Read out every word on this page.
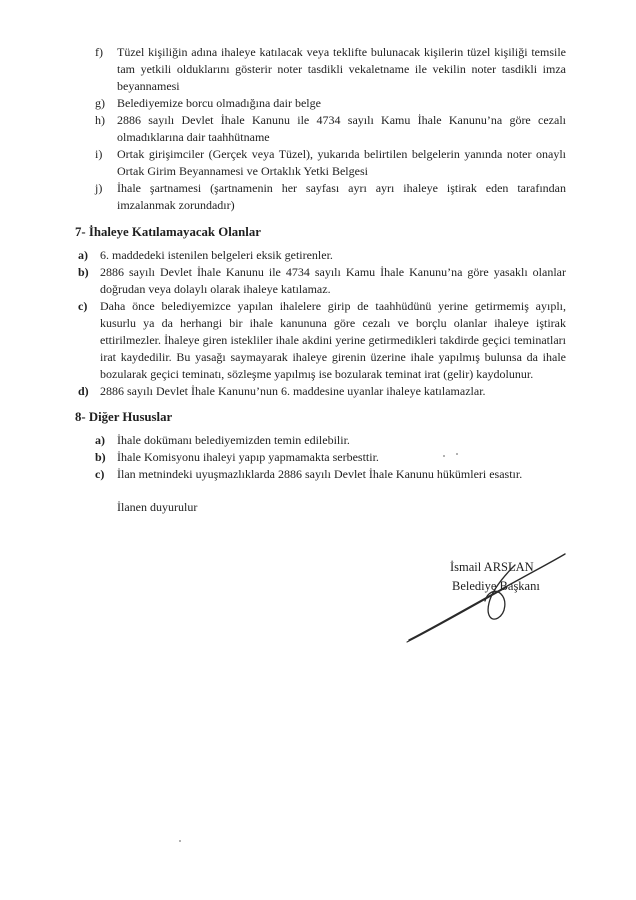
f)	Tüzel kişiliğin adına ihaleye katılacak veya teklifte bulunacak kişilerin tüzel kişiliği temsile tam yetkili olduklarını gösterir noter tasdikli vekaletname ile vekilin noter tasdikli imza beyannamesi
g)	Belediyemize borcu olmadığına dair belge
h)	2886 sayılı Devlet İhale Kanunu ile 4734 sayılı Kamu İhale Kanunu’na göre cezalı olmadıklarına dair taahhütname
i)	Ortak girişimciler (Gerçek veya Tüzel), yukarıda belirtilen belgelerin yanında noter onaylı Ortak Girim Beyannamesi ve Ortaklık Yetki Belgesi
j)	İhale şartnamesi (şartnamenin her sayfası ayrı ayrı ihaleye iştirak eden tarafından imzalanmak zorundadır)
7- İhaleye Katılamayacak Olanlar
a)	6. maddedeki istenilen belgeleri eksik getirenler.
b) 2886 sayılı Devlet İhale Kanunu ile 4734 sayılı Kamu İhale Kanunu’na göre yasaklı olanlar doğrudan veya dolaylı olarak ihaleye katılamaz.
c)	Daha önce belediyemizce yapılan ihalelere girip de taahhüdünü yerine getirmemiş ayıplı, kusurlu ya da herhangi bir ihale kanununa göre cezalı ve borçlu olanlar ihaleye iştirak ettirilmezler. İhaleye giren istekliler ihale akdini yerine getirmedikleri takdirde geçici teminatları irat kaydedilir. Bu yasağı saymayarak ihaleye girenin üzerine ihale yapılmış bulunsa da ihale bozularak geçici teminatı, sözleşme yapılmış ise bozularak teminat irat (gelir) kaydolunur.
d) 2886 sayılı Devlet İhale Kanunu’nun 6. maddesine uyanlar ihaleye katılamazlar.
8- Diğer Hususlar
a)	İhale dokümanı belediyemizden temin edilebilir.
b) İhale Komisyonu ihaleyi yapıp yapmamakta serbesttir.
c)	İlan metnindeki uyuşmazlıklarda 2886 sayılı Devlet İhale Kanunu hükümleri esastır.
İlanen duyurulur
İsmail ARSLAN
Belediye Başkanı
